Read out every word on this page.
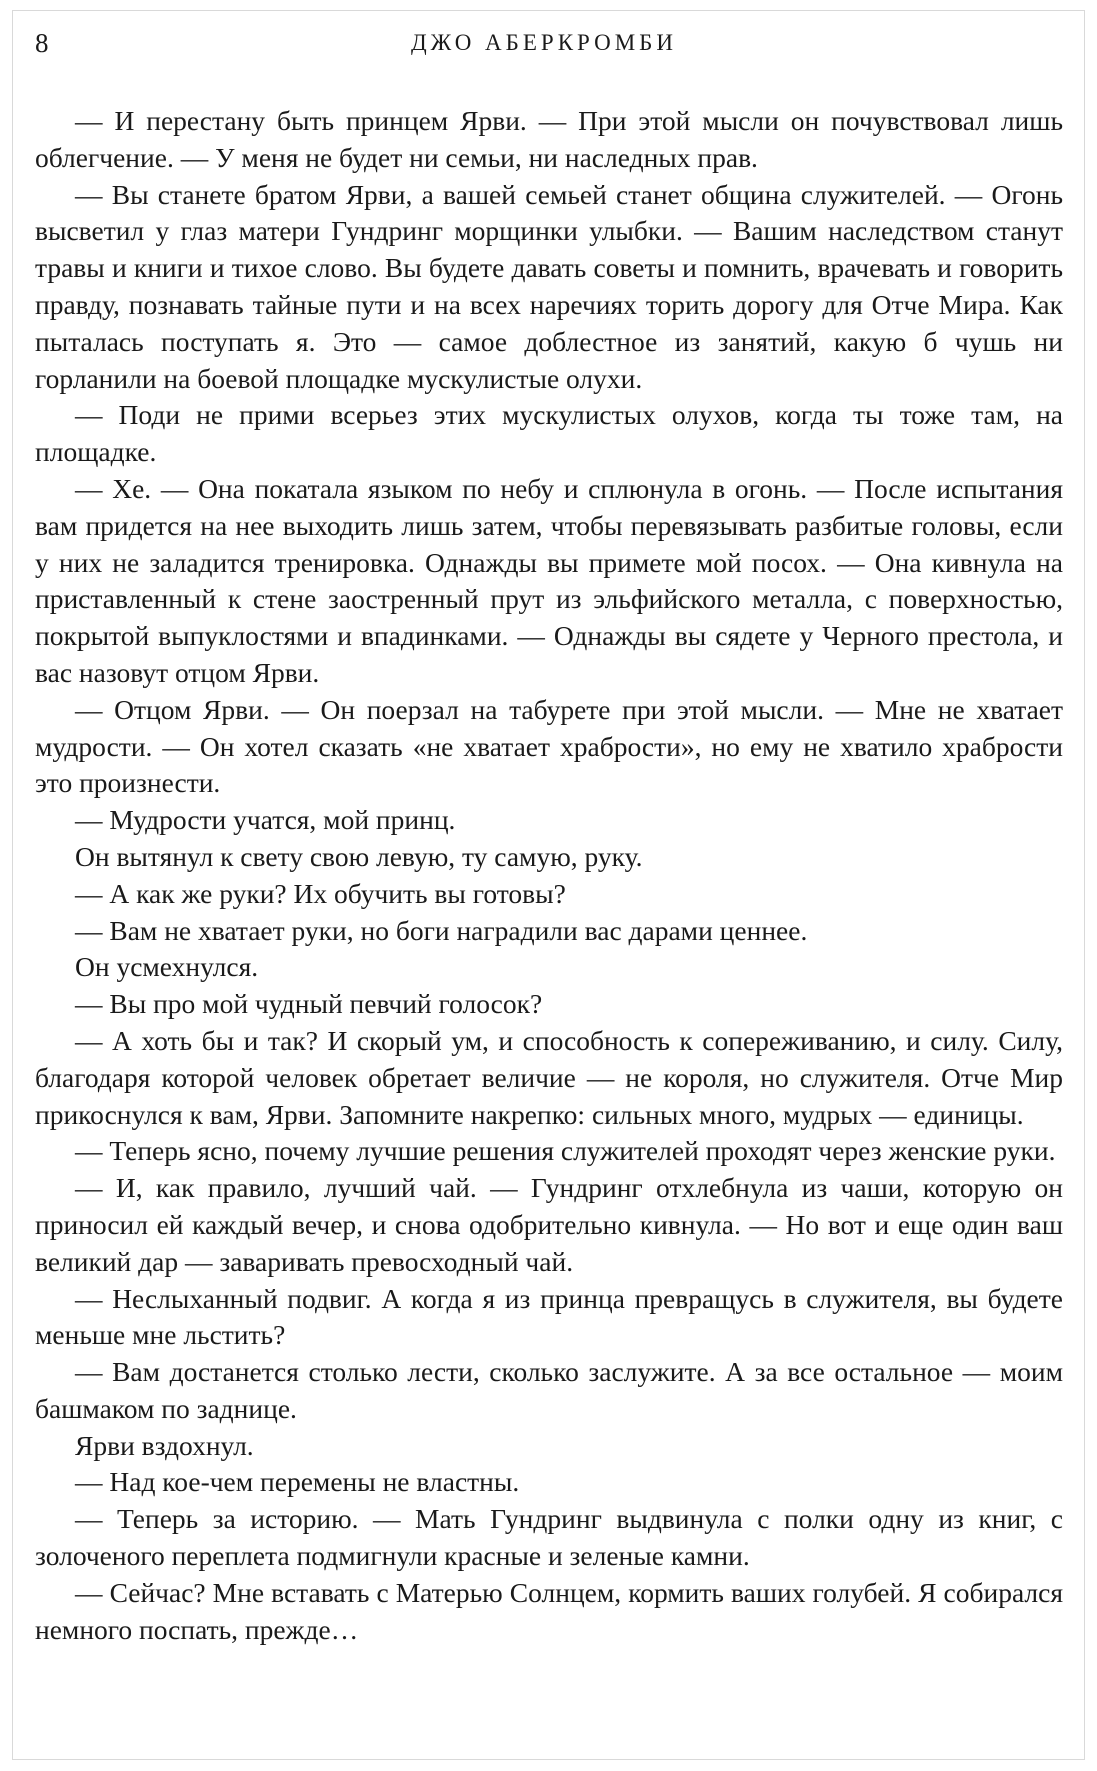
8	ДЖО АБЕРКРОМБИ

— И перестану быть принцем Ярви. — При этой мысли он почувствовал лишь облегчение. — У меня не будет ни семьи, ни наследных прав.

— Вы станете братом Ярви, а вашей семьей станет община служителей. — Огонь высветил у глаз матери Гундринг морщинки улыбки. — Вашим наследством станут травы и книги и тихое слово. Вы будете давать советы и помнить, врачевать и говорить правду, познавать тайные пути и на всех наречиях торить дорогу для Отче Мира. Как пыталась поступать я. Это — самое доблестное из занятий, какую б чушь ни горланили на боевой площадке мускулистые олухи.

— Поди не прими всерьез этих мускулистых олухов, когда ты тоже там, на площадке.

— Хе. — Она покатала языком по небу и сплюнула в огонь. — После испытания вам придется на нее выходить лишь затем, чтобы перевязывать разбитые головы, если у них не заладится тренировка. Однажды вы примете мой посох. — Она кивнула на приставленный к стене заостренный прут из эльфийского металла, с поверхностью, покрытой выпуклостями и впадинками. — Однажды вы сядете у Черного престола, и вас назовут отцом Ярви.

— Отцом Ярви. — Он поерзал на табурете при этой мысли. — Мне не хватает мудрости. — Он хотел сказать «не хватает храбрости», но ему не хватило храбрости это произнести.

— Мудрости учатся, мой принц.

Он вытянул к свету свою левую, ту самую, руку.

— А как же руки? Их обучить вы готовы?

— Вам не хватает руки, но боги наградили вас дарами ценнее.

Он усмехнулся.

— Вы про мой чудный певчий голосок?

— А хоть бы и так? И скорый ум, и способность к сопереживанию, и силу. Силу, благодаря которой человек обретает величие — не короля, но служителя. Отче Мир прикоснулся к вам, Ярви. Запомните накрепко: сильных много, мудрых — единицы.

— Теперь ясно, почему лучшие решения служителей проходят через женские руки.

— И, как правило, лучший чай. — Гундринг отхлебнула из чаши, которую он приносил ей каждый вечер, и снова одобрительно кивнула. — Но вот и еще один ваш великий дар — заваривать превосходный чай.

— Неслыханный подвиг. А когда я из принца превращусь в служителя, вы будете меньше мне льстить?

— Вам достанется столько лести, сколько заслужите. А за все остальное — моим башмаком по заднице.

Ярви вздохнул.

— Над кое-чем перемены не властны.

— Теперь за историю. — Мать Гундринг выдвинула с полки одну из книг, с золоченого переплета подмигнули красные и зеленые камни.

— Сейчас? Мне вставать с Матерью Солнцем, кормить ваших голубей. Я собирался немного поспать, прежде…
